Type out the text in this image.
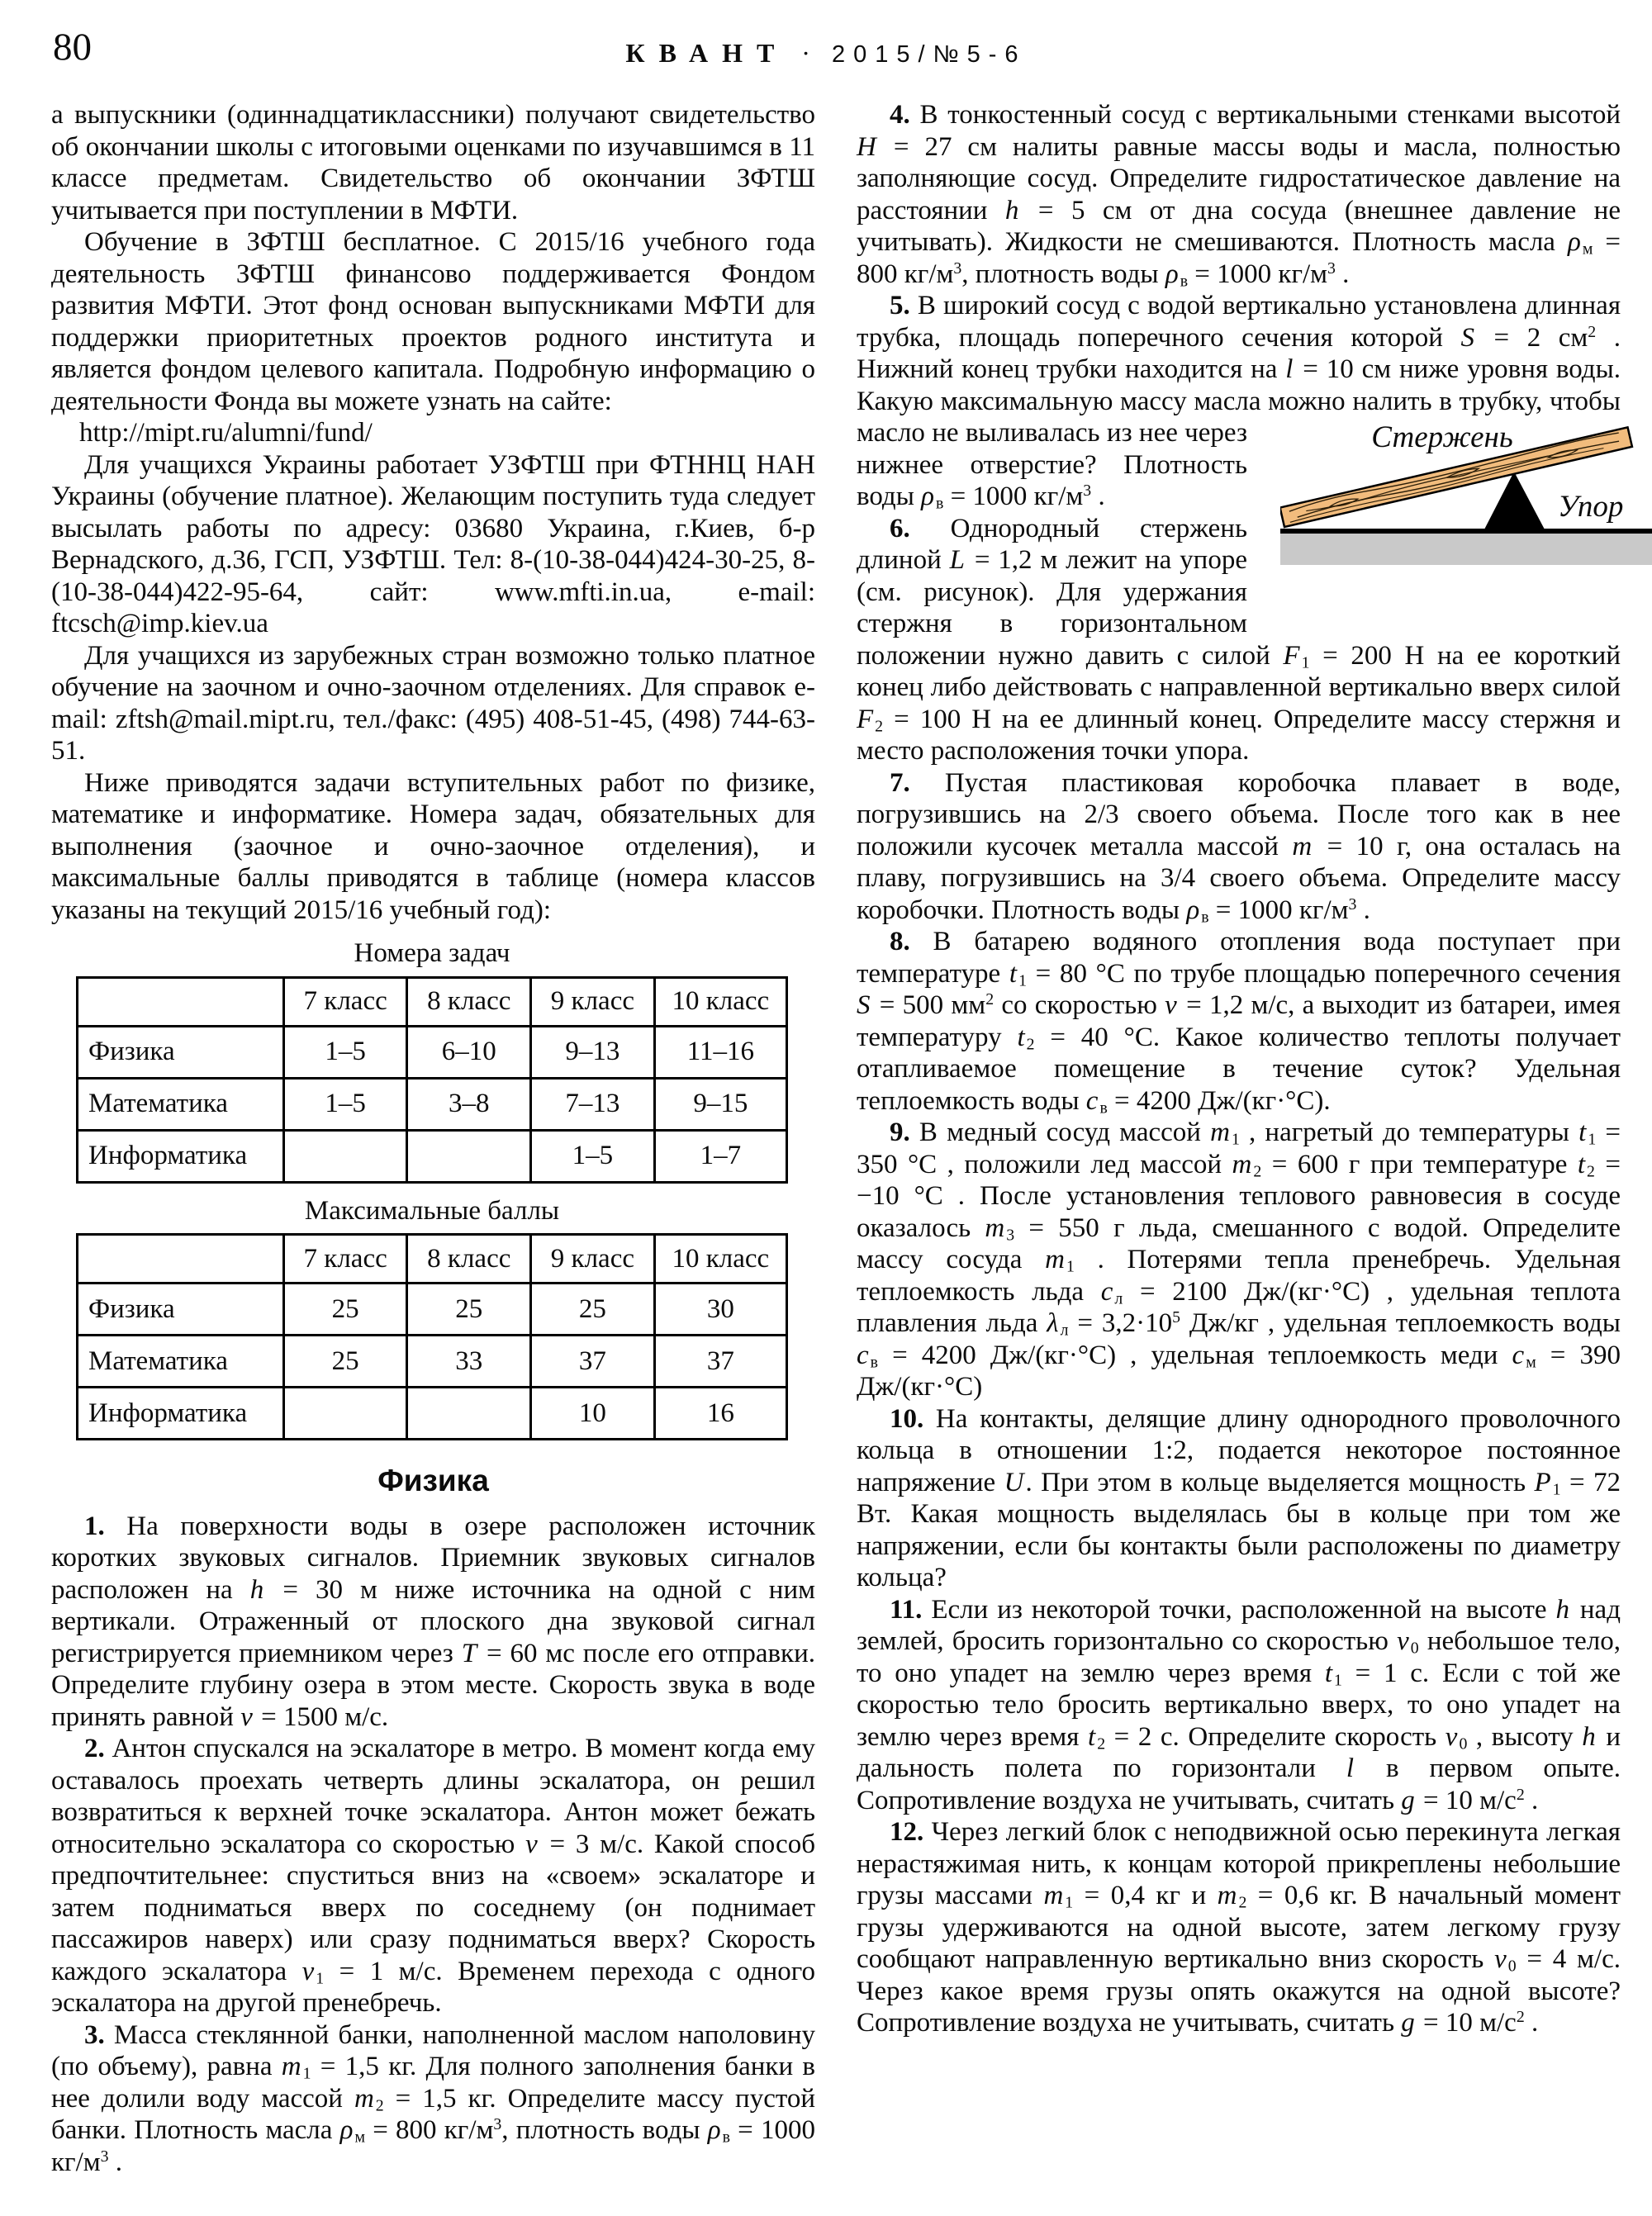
80	КВАНТ · 2015/№5-6

а выпускники (одиннадцатиклассники) получают свидетельство об окончании школы с итоговыми оценками по изучавшимся в 11 классе предметам. Свидетельство об окончании ЗФТШ учитывается при поступлении в МФТИ.

Обучение в ЗФТШ бесплатное. С 2015/16 учебного года деятельность ЗФТШ финансово поддерживается Фондом развития МФТИ. Этот фонд основан выпускниками МФТИ для поддержки приоритетных проектов родного института и является фондом целевого капитала. Подробную информацию о деятельности Фонда вы можете узнать на сайте:

http://mipt.ru/alumni/fund/

Для учащихся Украины работает УЗФТШ при ФТННЦ НАН Украины (обучение платное). Желающим поступить туда следует высылать работы по адресу: 03680 Украина, г.Киев, б-р Вернадского, д.36, ГСП, УЗФТШ. Тел: 8-(10-38-044)424-30-25, 8-(10-38-044)422-95-64, сайт: www.mfti.in.ua, e-mail: ftcsch@imp.kiev.ua

Для учащихся из зарубежных стран возможно только платное обучение на заочном и очно-заочном отделениях. Для справок e-mail: zftsh@mail.mipt.ru, тел./факс: (495) 408-51-45, (498) 744-63-51.

Ниже приводятся задачи вступительных работ по физике, математике и информатике. Номера задач, обязательных для выполнения (заочное и очно-заочное отделения), и максимальные баллы приводятся в таблице (номера классов указаны на текущий 2015/16 учебный год):

Номера задач
	7 класс	8 класс	9 класс	10 класс
Физика	1–5	6–10	9–13	11–16
Математика	1–5	3–8	7–13	9–15
Информатика			1–5	1–7
Максимальные баллы
	7 класс	8 класс	9 класс	10 класс
Физика	25	25	25	30
Математика	25	33	37	37
Информатика			10	16
Физика

1. На поверхности воды в озере расположен источник коротких звуковых сигналов. Приемник звуковых сигналов расположен на h = 30 м ниже источника на одной с ним вертикали. Отраженный от плоского дна звуковой сигнал регистрируется приемником через T = 60 мс после его отправки. Определите глубину озера в этом месте. Скорость звука в воде принять равной v = 1500 м/с.

2. Антон спускался на эскалаторе в метро. В момент когда ему оставалось проехать четверть длины эскалатора, он решил возвратиться к верхней точке эскалатора. Антон может бежать относительно эскалатора со скоростью v = 3 м/с. Какой способ предпочтительнее: спуститься вниз на «своем» эскалаторе и затем подниматься вверх по соседнему (он поднимает пассажиров наверх) или сразу подниматься вверх? Скорость каждого эскалатора v $_1$ = 1 м/с. Временем перехода с одного эскалатора на другой пренебречь.

3. Масса стеклянной банки, наполненной маслом наполовину (по объему), равна m $_1$ = 1,5 кг. Для полного заполнения банки в нее долили воду массой m $_2$ = 1,5 кг. Определите массу пустой банки. Плотность масла ρ $_м$ = 800 $кг/м^3$, плотность воды ρ $_в$ = 1000 $кг/м^3$ .

4. В тонкостенный сосуд с вертикальными стенками высотой H = 27 см налиты равные массы воды и масла, полностью заполняющие сосуд. Определите гидростатическое давление на расстоянии h = 5 см от дна сосуда (внешнее давление не учитывать). Жидкости не смешиваются. Плотность масла ρ $_м$ = 800 $кг/м^3$, плотность воды ρ $_в$ = 1000 $кг/м^3$ .

5. В широкий сосуд с водой вертикально установлена длинная трубка, площадь поперечного сечения которой S = 2 $см^2$ . Нижний конец трубки находится на l = 10 см ниже уровня воды. Какую максимальную массу масла можно
Стержень
Упор
налить в трубку, чтобы масло не выливалась из нее через нижнее отверстие? Плотность воды ρ $_в$ = 1000 $кг/м^3$ .

6. Однородный стержень длиной L = 1,2 м лежит на упоре (см. рисунок). Для удержания стержня в горизонтальном положении нужно давить с силой F $_1$ = 200 Н на ее короткий конец либо действовать с направленной вертикально вверх силой F $_2$ = 100 Н на ее длинный конец. Определите массу стержня и место расположения точки упора.

7. Пустая пластиковая коробочка плавает в воде, погрузившись на 2/3 своего объема. После того как в нее положили кусочек металла массой m = 10 г, она осталась на плаву, погрузившись на 3/4 своего объема. Определите массу коробочки. Плотность воды ρ $_в$ = 1000 $кг/м^3$ .

8. В батарею водяного отопления вода поступает при температуре t $_1$ = 80 °C по трубе площадью поперечного сечения S = 500 $мм^2$ со скоростью v = 1,2 м/с, а выходит из батареи, имея температуру t $_2$ = 40 °C. Какое количество теплоты получает отапливаемое помещение в течение суток? Удельная теплоемкость воды c $_в$ = 4200 Дж/(кг·°C).

9. В медный сосуд массой m $_1$ , нагретый до температуры t $_1$ = 350 °C , положили лед массой m $_2$ = 600 г при температуре t $_2$ = −10 °C . После установления теплового равновесия в сосуде оказалось m $_3$ = 550 г льда, смешанного с водой. Определите массу сосуда m $_1$ . Потерями тепла пренебречь. Удельная теплоемкость льда c $_л$ = 2100 Дж/(кг·°C) , удельная теплота плавления льда λ $_л = 3,2\cdot 10^5$ Дж/кг , удельная теплоемкость воды c $_в$ = 4200 Дж/(кг·°C) , удельная теплоемкость меди c $_м$ = 390 Дж/(кг·°C)

10. На контакты, делящие длину однородного проволочного кольца в отношении 1:2, подается некоторое постоянное напряжение U. При этом в кольце выделяется мощность P $_1$ = 72 Вт. Какая мощность выделялась бы в кольце при том же напряжении, если бы контакты были расположены по диаметру кольца?

11. Если из некоторой точки, расположенной на высоте h над землей, бросить горизонтально со скоростью v $_0$ небольшое тело, то оно упадет на землю через время t $_1$ = 1 с. Если с той же скоростью тело бросить вертикально вверх, то оно упадет на землю через время t $_2$ = 2 с. Определите скорость v $_0$ , высоту h и дальность полета по горизонтали l в первом опыте. Сопротивление воздуха не учитывать, считать g = 10 $м/с^2$ .

12. Через легкий блок с неподвижной осью перекинута легкая нерастяжимая нить, к концам которой прикреплены небольшие грузы массами m $_1$ = 0,4 кг и m $_2$ = 0,6 кг. В начальный момент грузы удерживаются на одной высоте, затем легкому грузу сообщают направленную вертикально вниз скорость v $_0$ = 4 м/с. Через какое время грузы опять окажутся на одной высоте? Сопротивление воздуха не учитывать, считать g = 10 $м/с^2$ .
